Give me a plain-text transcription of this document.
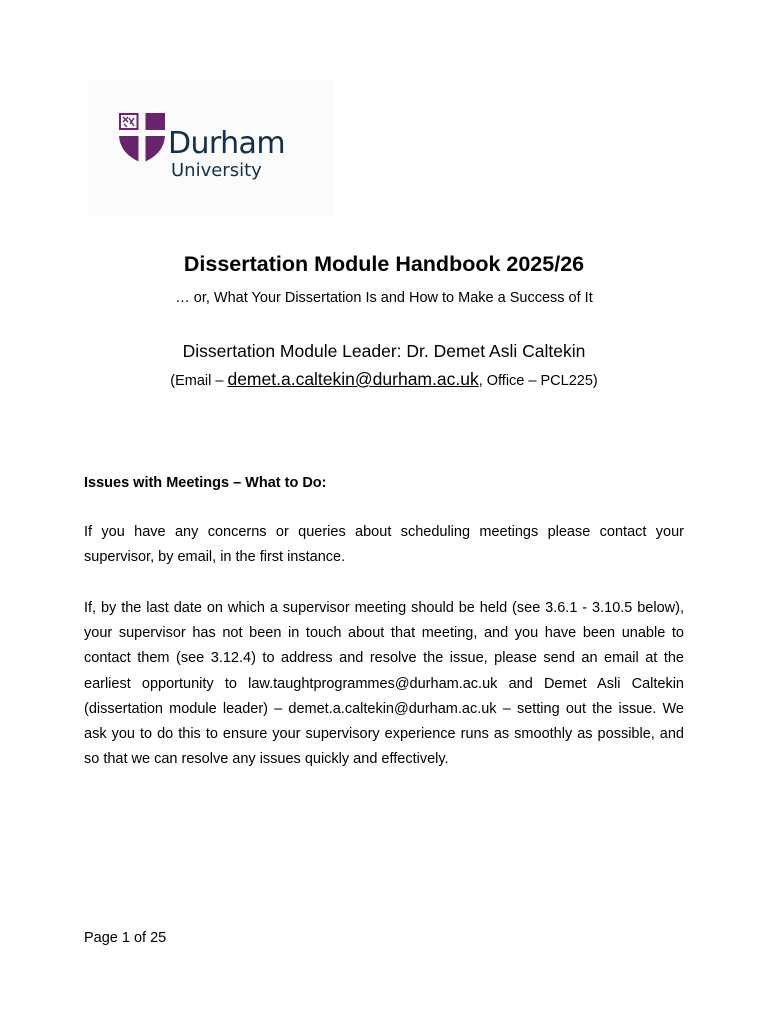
Durham
University
Dissertation Module Handbook 2025/26
… or, What Your Dissertation Is and How to Make a Success of It
Dissertation Module Leader: Dr. Demet Asli Caltekin
(Email – demet.a.caltekin@durham.ac.uk, Office – PCL225)
Issues with Meetings – What to Do:

If you have any concerns or queries about scheduling meetings please contact your supervisor, by email, in the first instance.

If, by the last date on which a supervisor meeting should be held (see 3.6.1 - 3.10.5 below), your supervisor has not been in touch about that meeting, and you have been unable to contact them (see 3.12.4) to address and resolve the issue, please send an email at the earliest opportunity to law.taughtprogrammes@durham.ac.uk and Demet Asli Caltekin (dissertation module leader) – demet.a.caltekin@durham.ac.uk – setting out the issue. We ask you to do this to ensure your supervisory experience runs as smoothly as possible, and so that we can resolve any issues quickly and effectively.

Page 1 of 25
